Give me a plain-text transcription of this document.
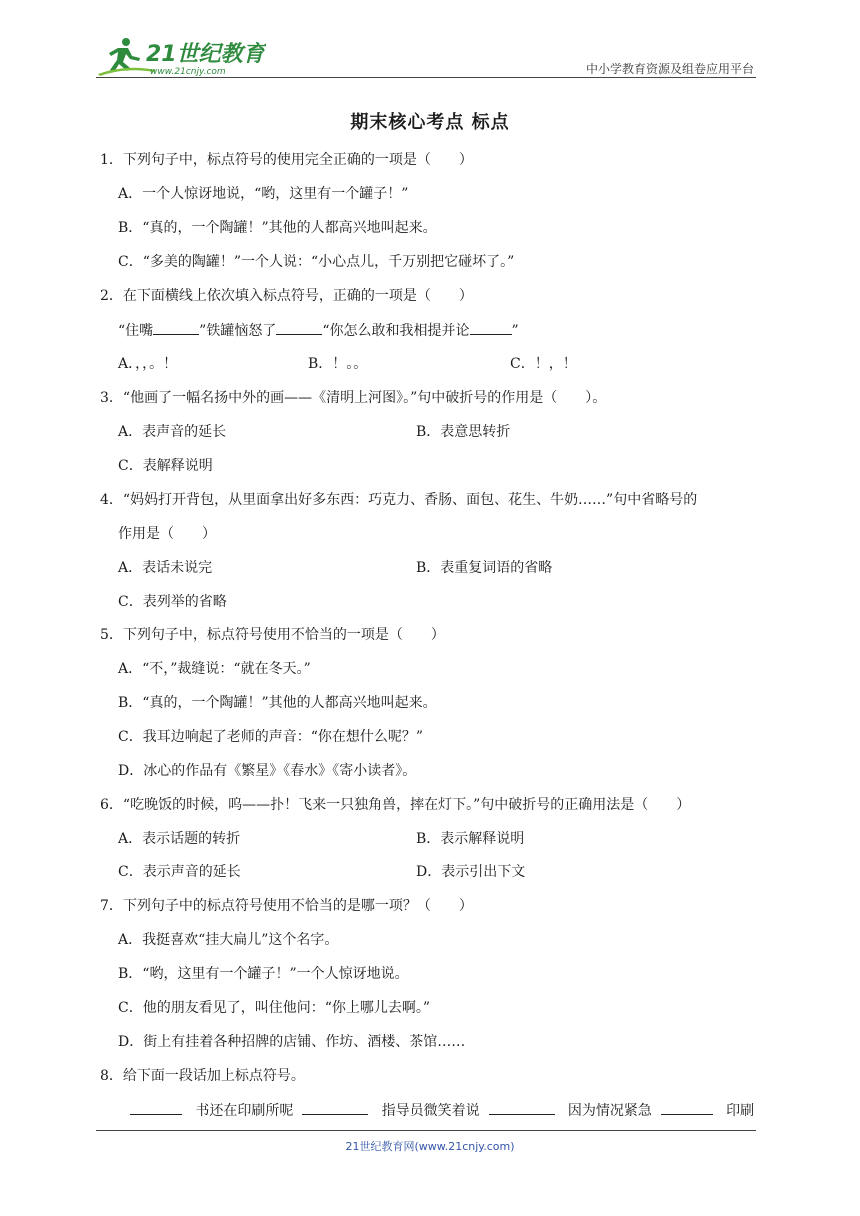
21世纪教育
www.21cnjy.com	中小学教育资源及组卷应用平台
期末核心考点 标点
1．下列句子中，标点符号的使用完全正确的一项是（　　）
A．一个人惊讶地说，“哟，这里有一个罐子！”
B．“真的，一个陶罐！”其他的人都高兴地叫起来。
C．“多美的陶罐！”一个人说：“小心点儿，千万别把它碰坏了。”
2．在下面横线上依次填入标点符号，正确的一项是（　　）
“住嘴	”铁罐恼怒了	“你怎么敢和我相提并论	”
A．，，。！	B．！。。	C．！，！
3．“他画了一幅名扬中外的画——《清明上河图》。”句中破折号的作用是（　　）。
A．表声音的延长	B．表意思转折
C．表解释说明
4．“妈妈打开背包，从里面拿出好多东西：巧克力、香肠、面包、花生、牛奶……”句中省略号的
作用是（　　）
A．表话未说完	B．表重复词语的省略
C．表列举的省略
5．下列句子中，标点符号使用不恰当的一项是（　　）
A．“不，”裁缝说：“就在冬天。”
B．“真的，一个陶罐！”其他的人都高兴地叫起来。
C．我耳边响起了老师的声音：“你在想什么呢？”
D．冰心的作品有《繁星》《春水》《寄小读者》。
6．“吃晚饭的时候，呜——扑！飞来一只独角兽，摔在灯下。”句中破折号的正确用法是（　　）
A．表示话题的转折	B．表示解释说明
C．表示声音的延长	D．表示引出下文
7．下列句子中的标点符号使用不恰当的是哪一项？（　　）
A．我挺喜欢“挂大扁儿”这个名字。
B．“哟，这里有一个罐子！”一个人惊讶地说。
C．他的朋友看见了，叫住他问：“你上哪儿去啊。”
D．街上有挂着各种招牌的店铺、作坊、酒楼、茶馆……
8．给下面一段话加上标点符号。
书还在印刷所呢	指导员微笑着说	因为情况紧急	印刷
21世纪教育网(www.21cnjy.com)
